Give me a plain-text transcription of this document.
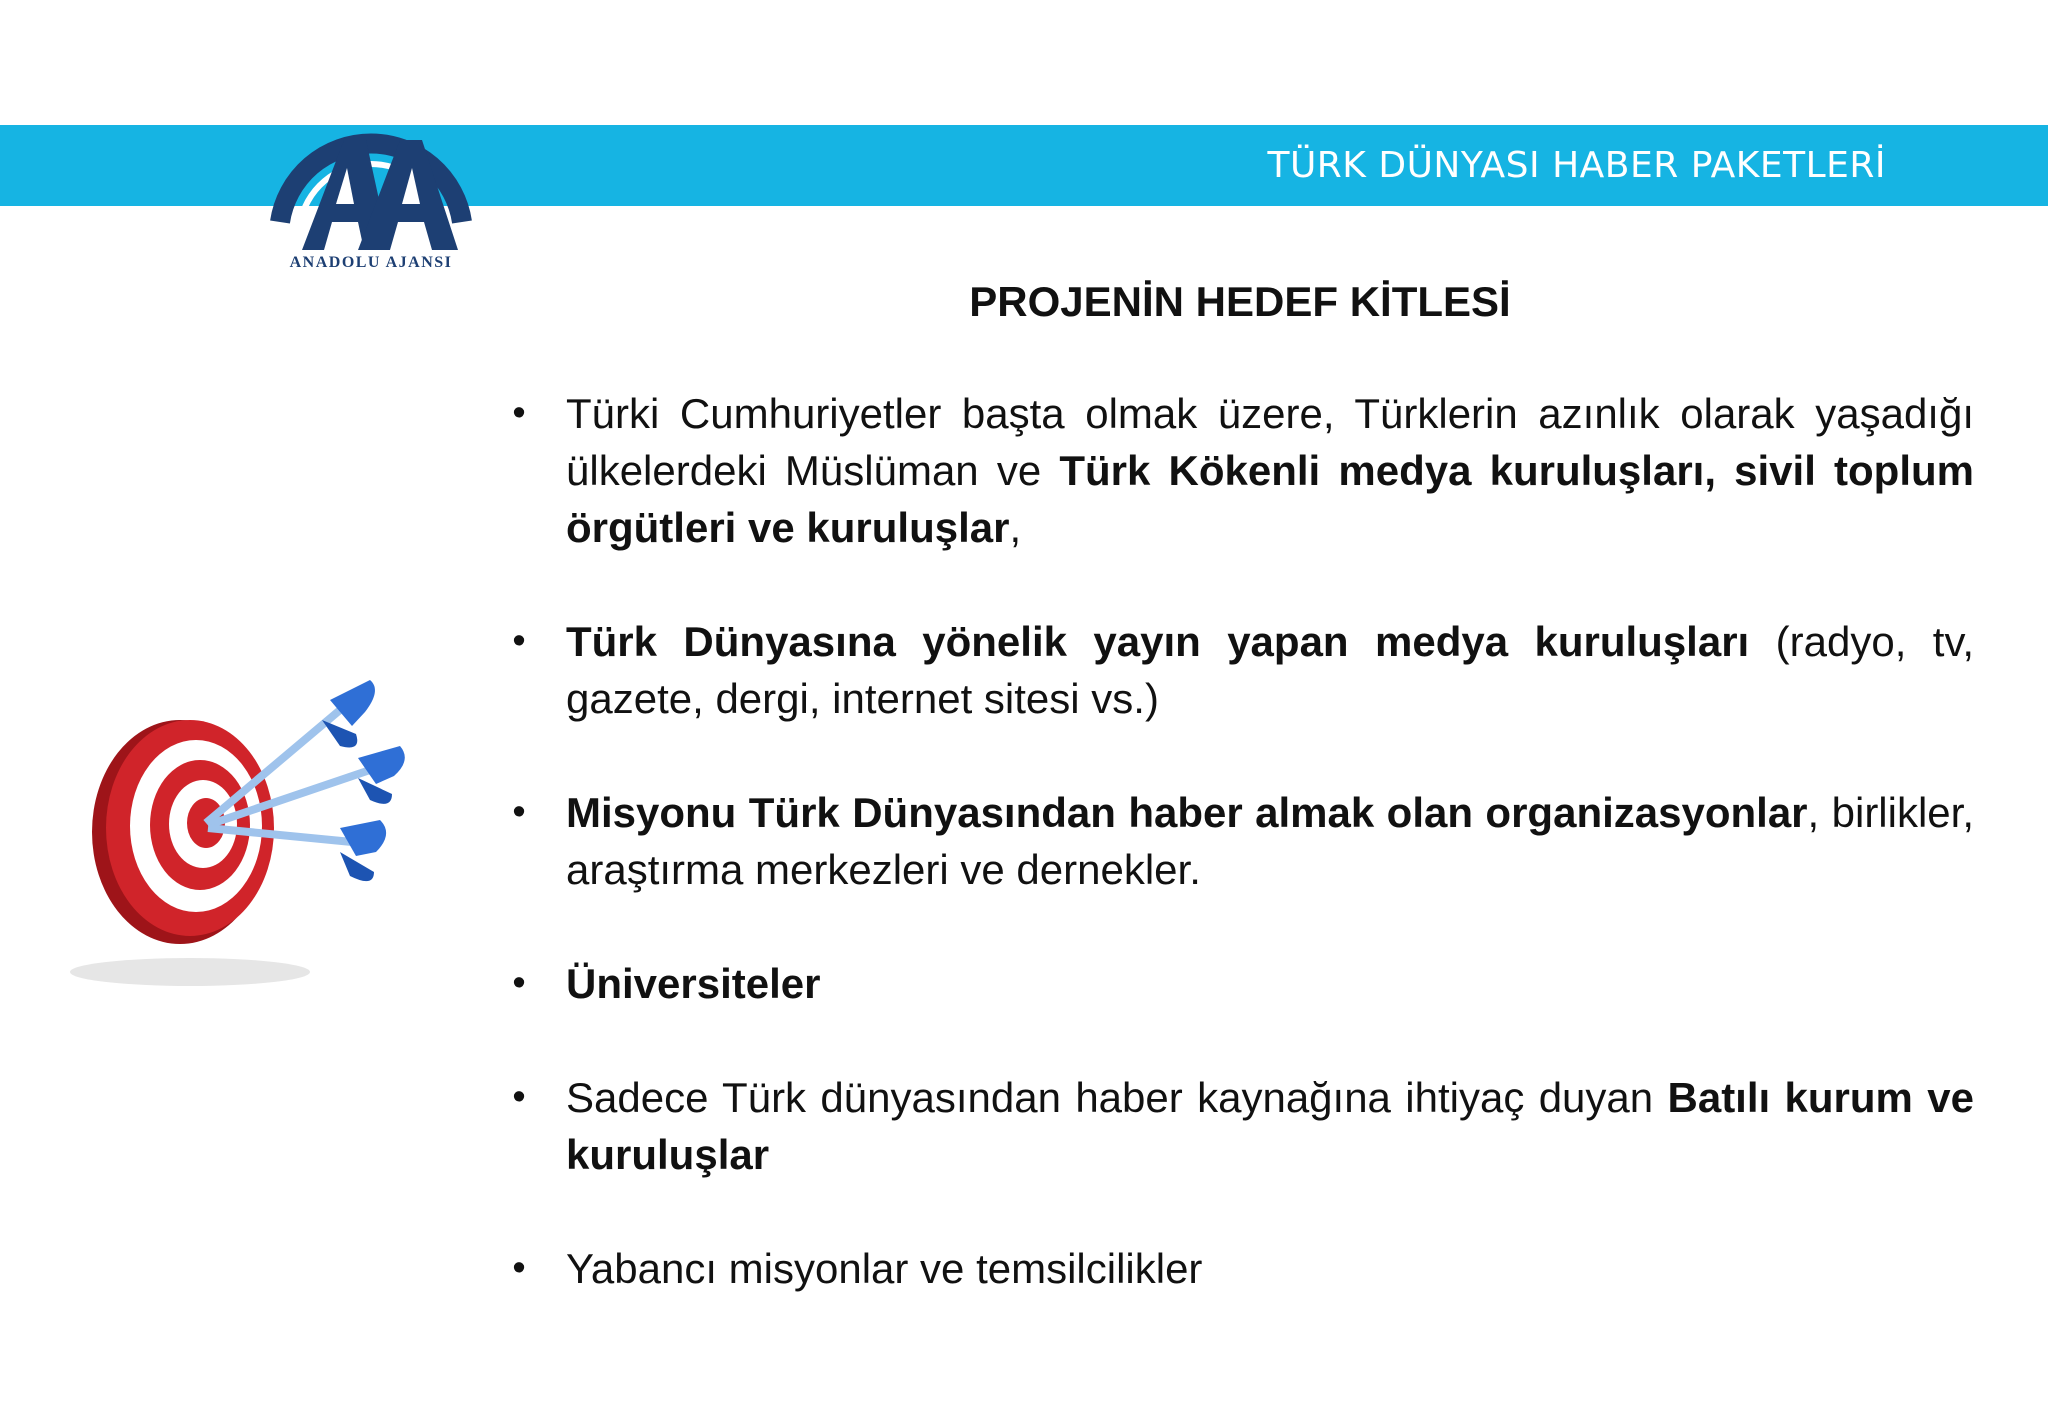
TÜRK DÜNYASI HABER PAKETLERİ
ANADOLU AJANSI
PROJENİN HEDEF KİTLESİ
• Türki Cumhuriyetler başta olmak üzere, Türklerin azınlık olarak yaşadığı ülkelerdeki Müslüman ve Türk Kökenli medya kuruluşları, sivil toplum örgütleri ve kuruluşlar,
• Türk Dünyasına yönelik yayın yapan medya kuruluşları (radyo, tv, gazete, dergi, internet sitesi vs.)
• Misyonu Türk Dünyasından haber almak olan organizasyonlar, birlikler, araştırma merkezleri ve dernekler.
• Üniversiteler
• Sadece Türk dünyasından haber kaynağına ihtiyaç duyan Batılı kurum ve kuruluşlar
• Yabancı misyonlar ve temsilcilikler
